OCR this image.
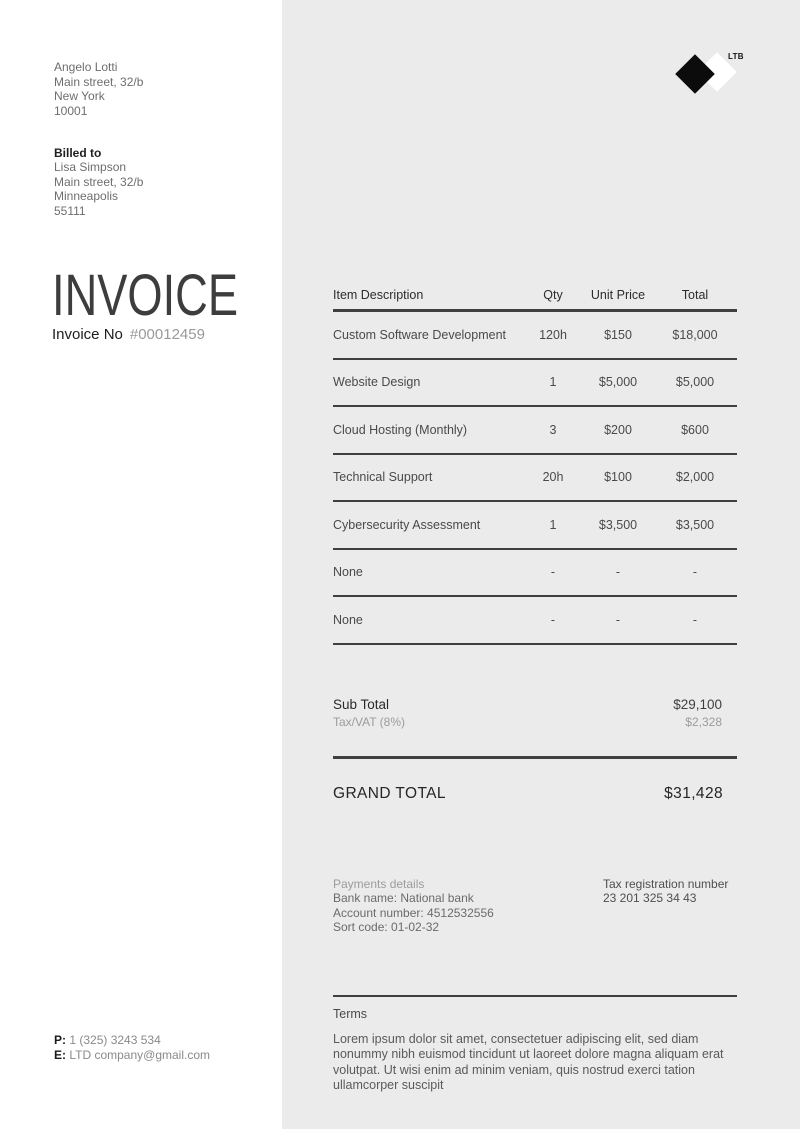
LTB
Angelo Lotti
Main street, 32/b
New York
10001
Billed to
Lisa Simpson
Main street, 32/b
Minneapolis
55111
INVOICE
Invoice No #00012459
Item Description	Qty	Unit Price	Total
Custom Software Development	120h	$150	$18,000
Website Design	1	$5,000	$5,000
Cloud Hosting (Monthly)	3	$200	$600
Technical Support	20h	$100	$2,000
Cybersecurity Assessment	1	$3,500	$3,500
None	-	-	-
None	-	-	-
Sub Total	$29,100
Tax/VAT (8%)	$2,328
GRAND TOTAL	$31,428
Payments details
Bank name: National bank
Account number: 4512532556
Sort code: 01-02-32
Tax registration number
23 201 325 34 43
Terms
Lorem ipsum dolor sit amet, consectetuer adipiscing elit, sed diam nonummy nibh euismod tincidunt ut laoreet dolore magna aliquam erat volutpat. Ut wisi enim ad minim veniam, quis nostrud exerci tation ullamcorper suscipit
P: 1 (325) 3243 534
E: LTD company@gmail.com
